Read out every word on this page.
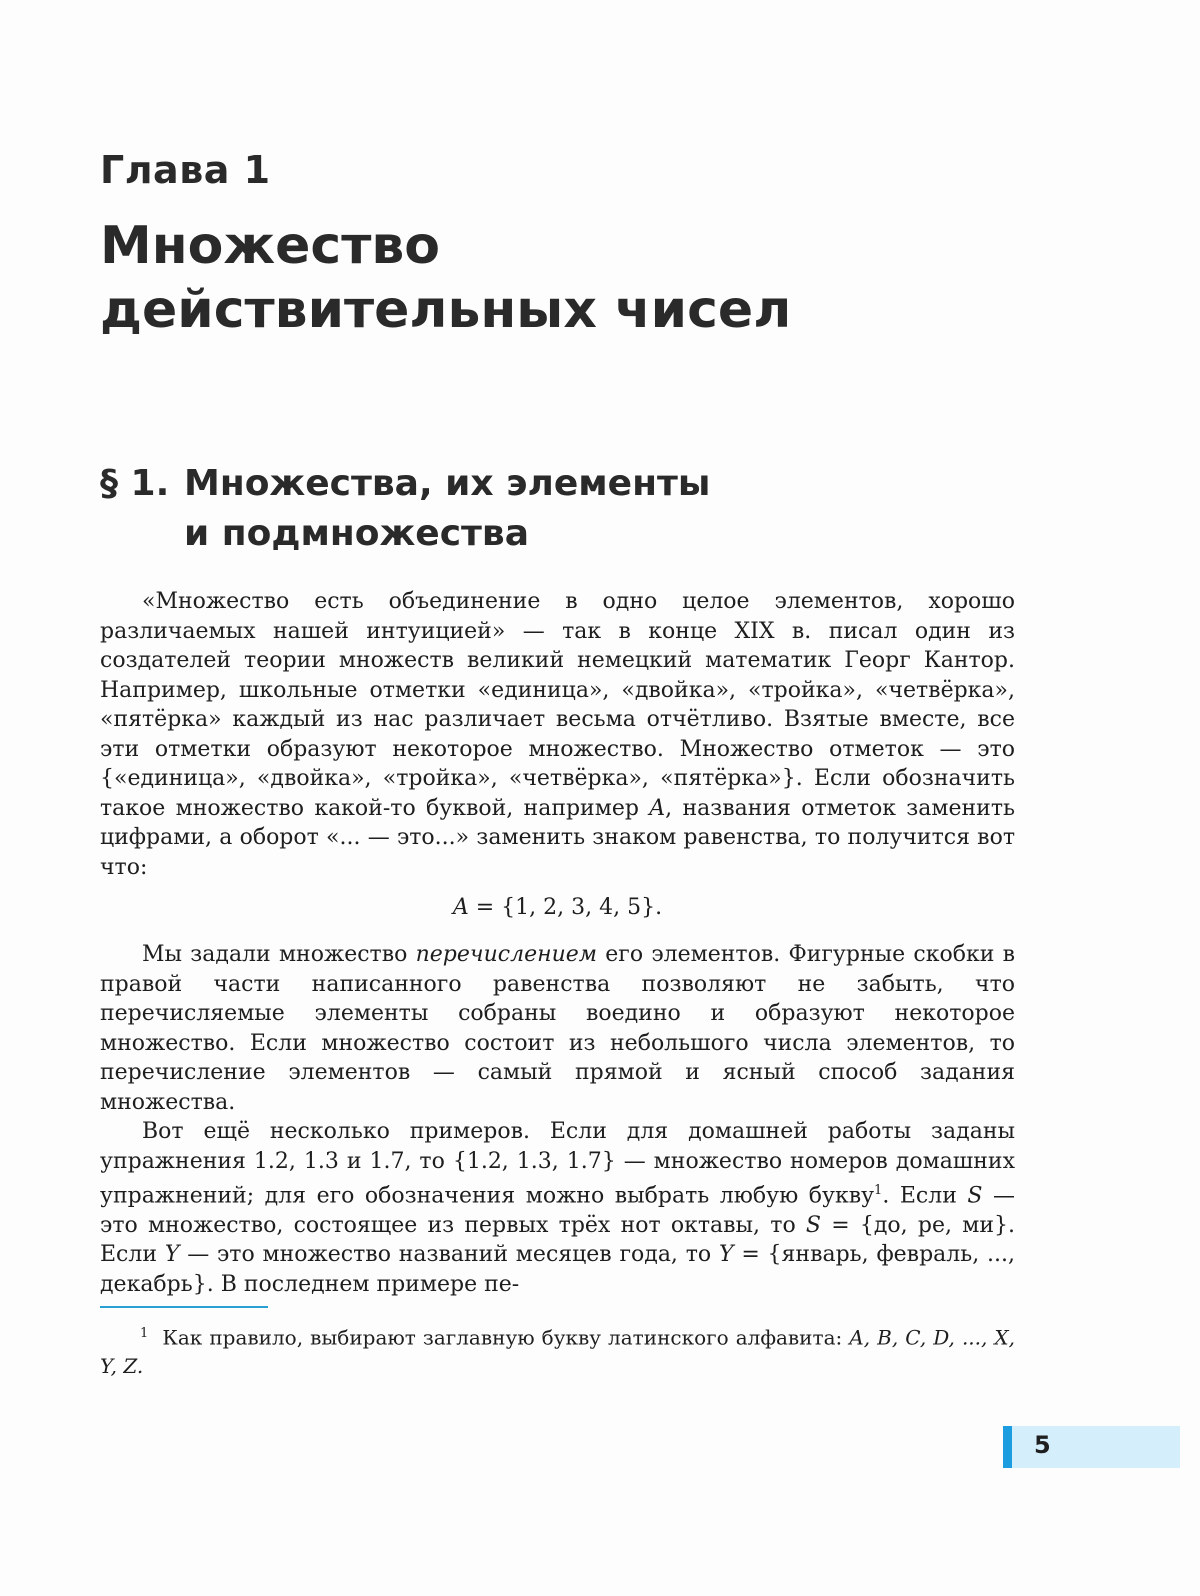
Глава 1
Множество
действительных чисел
§ 1. Множества, их элементы
и подмножества

«Множество есть объединение в одно целое элементов, хорошо различаемых нашей интуицией» — так в конце XIX в. писал один из создателей теории множеств великий немецкий математик Георг Кантор. Например, школьные отметки «единица», «двойка», «тройка», «четвёрка», «пятёрка» каждый из нас различает весьма отчётливо. Взятые вместе, все эти отметки образуют некоторое множество. Множество отметок — это {«единица», «двойка», «тройка», «четвёрка», «пятёрка»}. Если обозначить такое множество какой-то буквой, например A, названия отметок заменить цифрами, а оборот «... — это...» заменить знаком равенства, то получится вот что:

A = {1, 2, 3, 4, 5}.

Мы задали множество перечислением его элементов. Фигурные скобки в правой части написанного равенства позволяют не забыть, что перечисляемые элементы собраны воедино и образуют некоторое множество. Если множество состоит из небольшого числа элементов, то перечисление элементов — самый прямой и ясный способ задания множества.

Вот ещё несколько примеров. Если для домашней работы заданы упражнения 1.2, 1.3 и 1.7, то {1.2, 1.3, 1.7} — множество номеров домашних упражнений; для его обозначения можно выбрать любую букву$^1$. Если S — это множество, состоящее из первых трёх нот октавы, то S = {до, ре, ми}. Если Y — это множество названий месяцев года, то Y = {январь, февраль, ..., декабрь}. В последнем примере пе-

$^1$ Как правило, выбирают заглавную букву латинского алфавита: A, B, C, D, ..., X, Y, Z.
5
